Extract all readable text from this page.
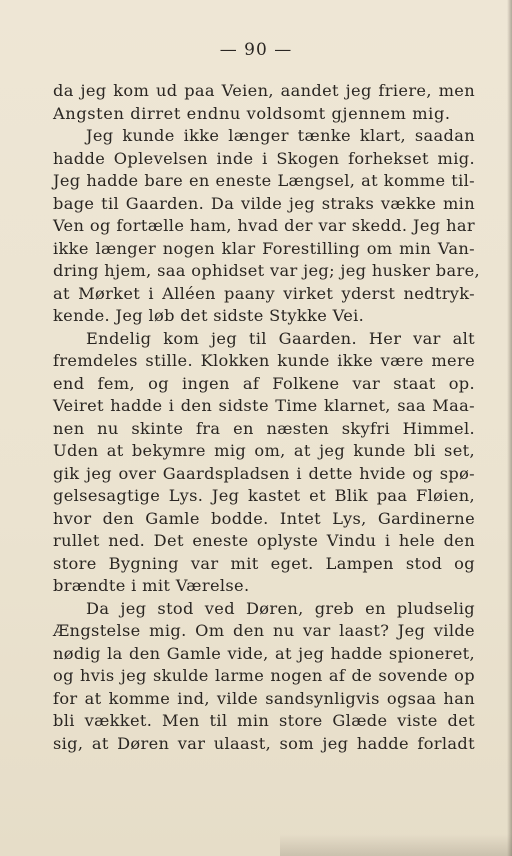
— 90 —
da jeg kom ud paa Veien, aandet jeg friere, men
Angsten dirret endnu voldsomt gjennem mig.
Jeg kunde ikke længer tænke klart, saadan
hadde Oplevelsen inde i Skogen forhekset mig.
Jeg hadde bare en eneste Længsel, at komme til-
bage til Gaarden. Da vilde jeg straks vække min
Ven og fortælle ham, hvad der var skedd. Jeg har
ikke længer nogen klar Forestilling om min Van-
dring hjem, saa ophidset var jeg; jeg husker bare,
at Mørket i Alléen paany virket yderst nedtryk-
kende. Jeg løb det sidste Stykke Vei.
Endelig kom jeg til Gaarden. Her var alt
fremdeles stille. Klokken kunde ikke være mere
end fem, og ingen af Folkene var staat op.
Veiret hadde i den sidste Time klarnet, saa Maa-
nen nu skinte fra en næsten skyfri Himmel.
Uden at bekymre mig om, at jeg kunde bli set,
gik jeg over Gaardspladsen i dette hvide og spø-
gelsesagtige Lys. Jeg kastet et Blik paa Fløien,
hvor den Gamle bodde. Intet Lys, Gardinerne
rullet ned. Det eneste oplyste Vindu i hele den
store Bygning var mit eget. Lampen stod og
brændte i mit Værelse.
Da jeg stod ved Døren, greb en pludselig
Ængstelse mig. Om den nu var laast? Jeg vilde
nødig la den Gamle vide, at jeg hadde spioneret,
og hvis jeg skulde larme nogen af de sovende op
for at komme ind, vilde sandsynligvis ogsaa han
bli vækket. Men til min store Glæde viste det
sig, at Døren var ulaast, som jeg hadde forladt
